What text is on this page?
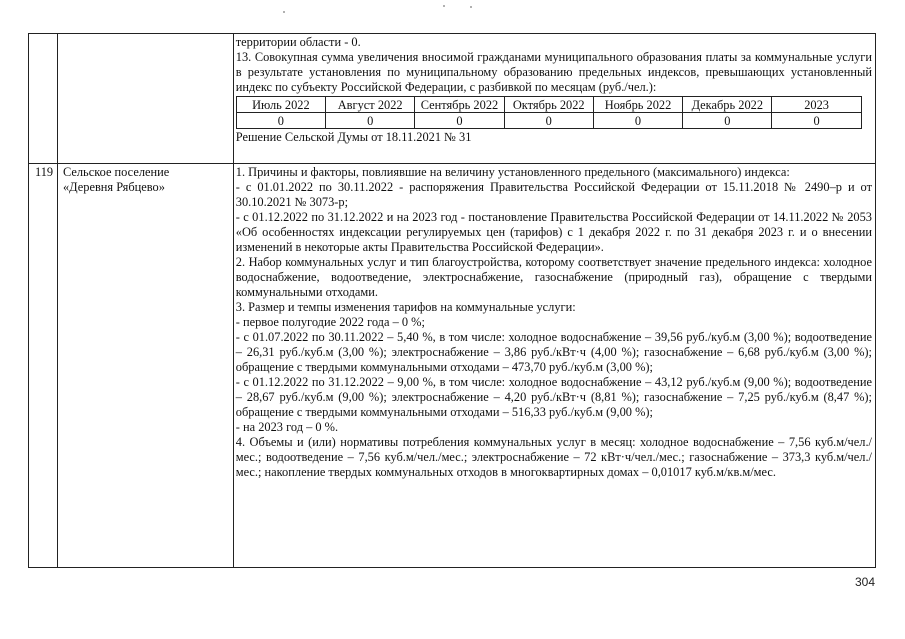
территории области - 0.

13. Совокупная сумма увеличения вносимой гражданами муниципального образования платы за коммунальные услуги в результате установления по муниципальному образованию предельных индексов, превышающих установленный индекс по субъекту Российской Федерации, с разбивкой по месяцам (руб./чел.):

Июль 2022	Август 2022	Сентябрь 2022	Октябрь 2022	Ноябрь 2022	Декабрь 2022	2023
0	0	0	0	0	0	0

Решение Сельской Думы от 18.11.2021 № 31

119	Сельское поселение
«Деревня Рябцево»

1. Причины и факторы, повлиявшие на величину установленного предельного (максимального) индекса:

- с 01.01.2022 по 30.11.2022 - распоряжения Правительства Российской Федерации от 15.11.2018 № 2490–р и от 30.10.2021 № 3073-р;

- с 01.12.2022 по 31.12.2022 и на 2023 год - постановление Правительства Российской Федерации от 14.11.2022 № 2053 «Об особенностях индексации регулируемых цен (тарифов) с 1 декабря 2022 г. по 31 декабря 2023 г. и о внесении изменений в некоторые акты Правительства Российской Федерации».

2. Набор коммунальных услуг и тип благоустройства, которому соответствует значение предельного индекса: холодное водоснабжение, водоотведение, электроснабжение, газоснабжение (природный газ), обращение с твердыми коммунальными отходами.

3. Размер и темпы изменения тарифов на коммунальные услуги:

- первое полугодие 2022 года – 0 %;

- с 01.07.2022 по 30.11.2022 – 5,40 %, в том числе: холодное водоснабжение – 39,56 руб./куб.м (3,00 %); водоотведение – 26,31 руб./куб.м (3,00 %); электроснабжение – 3,86 руб./кВт·ч (4,00 %); газоснабжение – 6,68 руб./куб.м (3,00 %); обращение с твердыми коммунальными отходами – 473,70 руб./куб.м (3,00 %);

- с 01.12.2022 по 31.12.2022 – 9,00 %, в том числе: холодное водоснабжение – 43,12 руб./куб.м (9,00 %); водоотведение – 28,67 руб./куб.м (9,00 %); электроснабжение – 4,20 руб./кВт·ч (8,81 %); газоснабжение – 7,25 руб./куб.м (8,47 %); обращение с твердыми коммунальными отходами – 516,33 руб./куб.м (9,00 %);

- на 2023 год – 0 %.

4. Объемы и (или) нормативы потребления коммунальных услуг в месяц: холодное водоснабжение – 7,56 куб.м/чел./мес.; водоотведение – 7,56 куб.м/чел./мес.; электроснабжение – 72 кВт·ч/чел./мес.; газоснабжение – 373,3 куб.м/чел./мес.; накопление твердых коммунальных отходов в многоквартирных домах – 0,01017 куб.м/кв.м/мес.

304
